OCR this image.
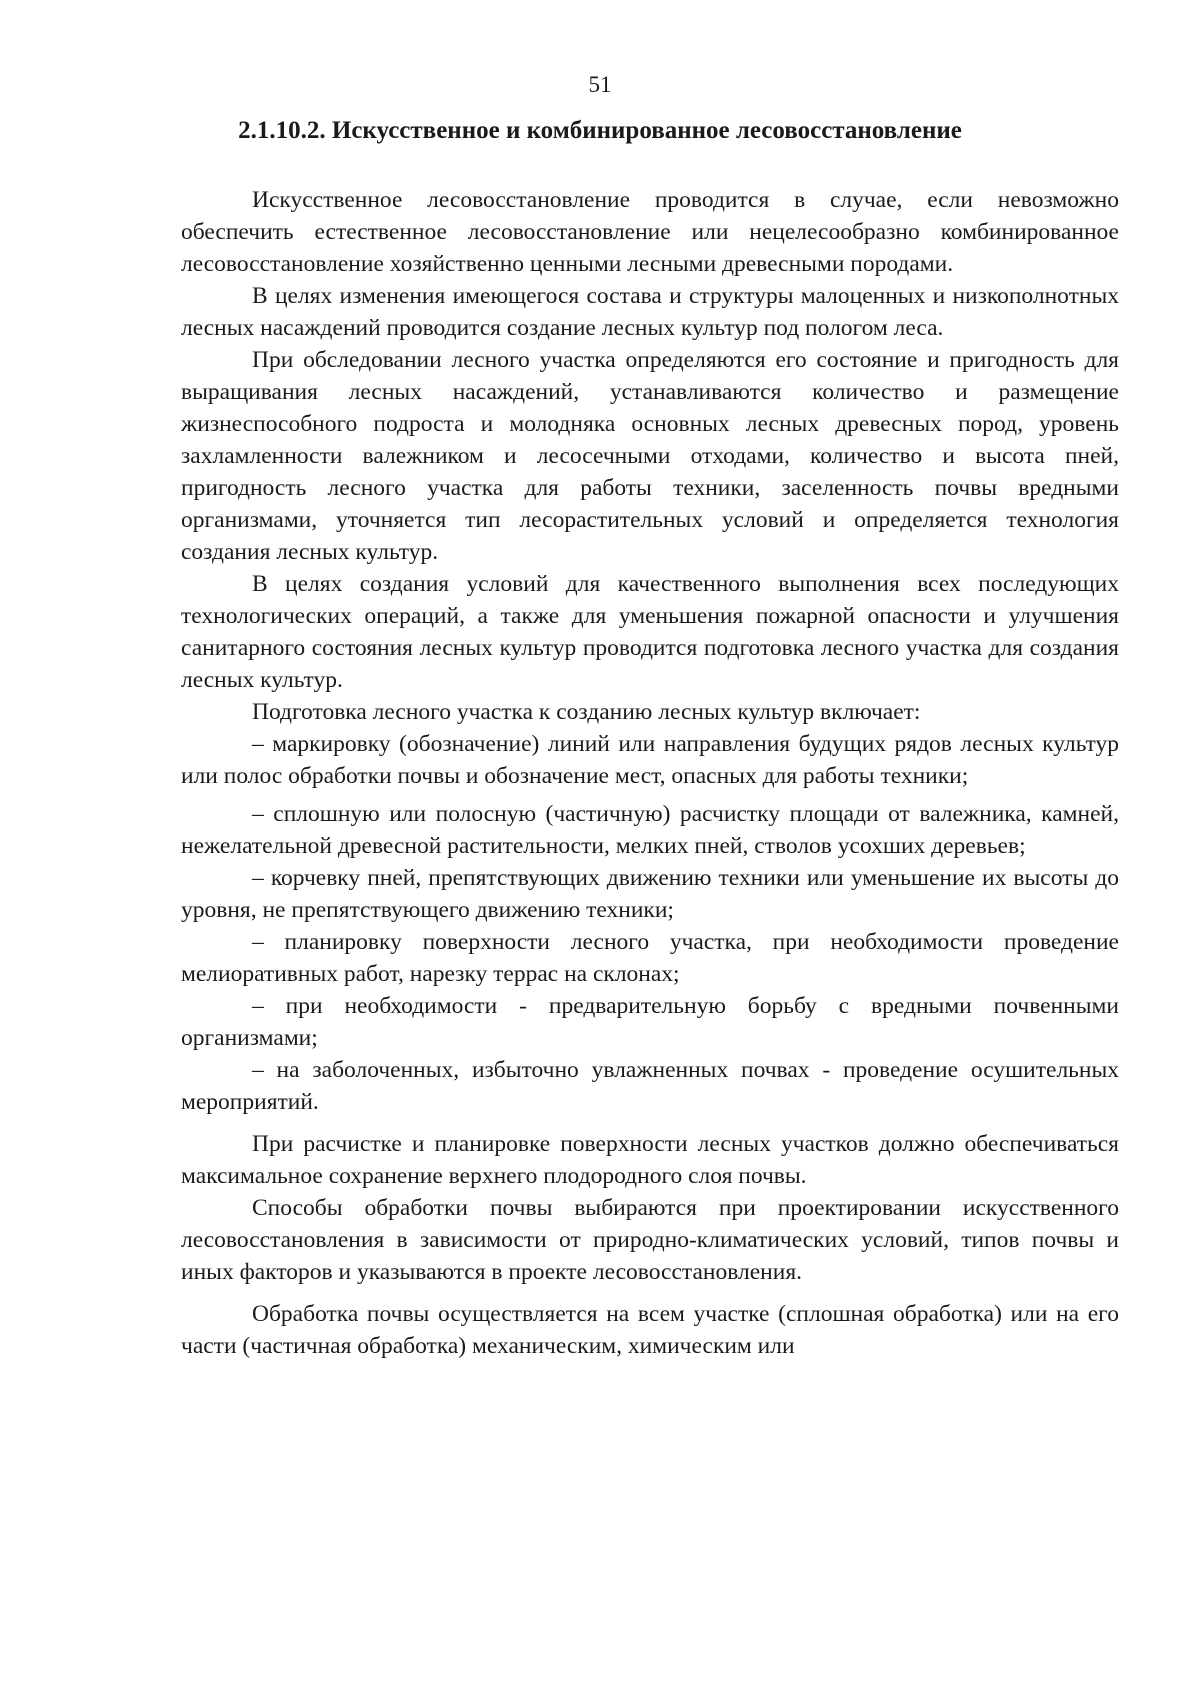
51
2.1.10.2. Искусственное и комбинированное лесовосстановление

Искусственное лесовосстановление проводится в случае, если невозможно обеспечить естественное лесовосстановление или нецелесообразно комбинированное лесовосстановление хозяйственно ценными лесными древесными породами.

В целях изменения имеющегося состава и структуры малоценных и низкополнотных лесных насаждений проводится создание лесных культур под пологом леса.

При обследовании лесного участка определяются его состояние и пригодность для выращивания лесных насаждений, устанавливаются количество и размещение жизнеспособного подроста и молодняка основных лесных древесных пород, уровень захламленности валежником и лесосечными отходами, количество и высота пней, пригодность лесного участка для работы техники, заселенность почвы вредными организмами, уточняется тип лесорастительных условий и определяется технология создания лесных культур.

В целях создания условий для качественного выполнения всех последующих технологических операций, а также для уменьшения пожарной опасности и улучшения санитарного состояния лесных культур проводится подготовка лесного участка для создания лесных культур.

Подготовка лесного участка к созданию лесных культур включает:

– маркировку (обозначение) линий или направления будущих рядов лесных культур или полос обработки почвы и обозначение мест, опасных для работы техники;

– сплошную или полосную (частичную) расчистку площади от валежника, камней, нежелательной древесной растительности, мелких пней, стволов усохших деревьев;

– корчевку пней, препятствующих движению техники или уменьшение их высоты до уровня, не препятствующего движению техники;

– планировку поверхности лесного участка, при необходимости проведение мелиоративных работ, нарезку террас на склонах;

– при необходимости - предварительную борьбу с вредными почвенными организмами;

– на заболоченных, избыточно увлажненных почвах - проведение осушительных мероприятий.

При расчистке и планировке поверхности лесных участков должно обеспечиваться максимальное сохранение верхнего плодородного слоя почвы.

Способы обработки почвы выбираются при проектировании искусственного лесовосстановления в зависимости от природно-климатических условий, типов почвы и иных факторов и указываются в проекте лесовосстановления.

Обработка почвы осуществляется на всем участке (сплошная обработка) или на его части (частичная обработка) механическим, химическим или
